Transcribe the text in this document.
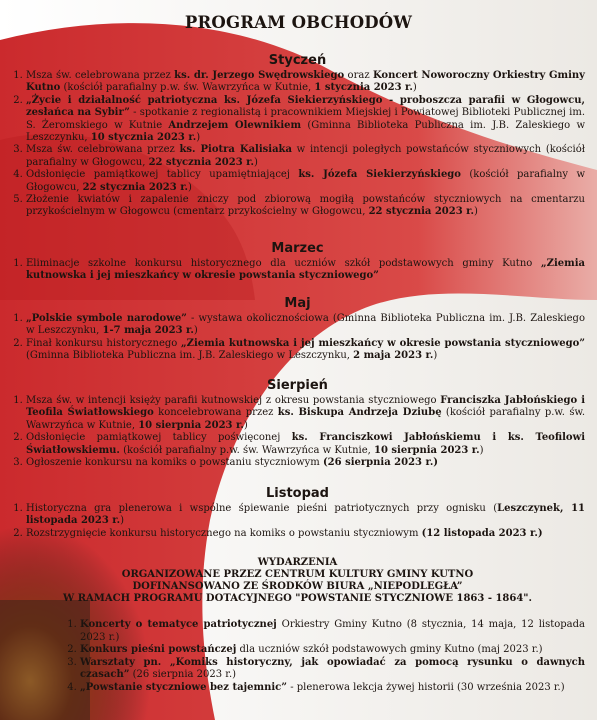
PROGRAM OBCHODÓW
Styczeń
1. Msza św. celebrowana przez ks. dr. Jerzego Swędrowskiego oraz Koncert Noworoczny Orkiestry Gminy Kutno (kościół parafialny p.w. św. Wawrzyńca w Kutnie, 1 stycznia 2023 r.)
2. „Życie i działalność patriotyczna ks. Józefa Siekierzyńskiego - proboszcza parafii w Głogowcu, zesłańca na Sybir” - spotkanie z regionalistą i pracownikiem Miejskiej i Powiatowej Biblioteki Publicznej im. S. Żeromskiego w Kutnie Andrzejem Olewnikiem (Gminna Biblioteka Publiczna im. J.B. Zaleskiego w Leszczynku, 10 stycznia 2023 r.)
3. Msza św. celebrowana przez ks. Piotra Kalisiaka w intencji poległych powstańców styczniowych (kościół parafialny w Głogowcu, 22 stycznia 2023 r.)
4. Odsłonięcie pamiątkowej tablicy upamiętniającej ks. Józefa Siekierzyńskiego (kościół parafialny w Głogowcu, 22 stycznia 2023 r.)
5. Złożenie kwiatów i zapalenie zniczy pod zbiorową mogiłą powstańców styczniowych na cmentarzu przykościelnym w Głogowcu (cmentarz przykościelny w Głogowcu, 22 stycznia 2023 r.)
Marzec
1. Eliminacje szkolne konkursu historycznego dla uczniów szkół podstawowych gminy Kutno „Ziemia kutnowska i jej mieszkańcy w okresie powstania styczniowego”
Maj
1. „Polskie symbole narodowe” - wystawa okolicznościowa (Gminna Biblioteka Publiczna im. J.B. Zaleskiego w Leszczynku, 1-7 maja 2023 r.)
2. Finał konkursu historycznego „Ziemia kutnowska i jej mieszkańcy w okresie powstania styczniowego” (Gminna Biblioteka Publiczna im. J.B. Zaleskiego w Leszczynku, 2 maja 2023 r.)
Sierpień
1. Msza św. w intencji księży parafii kutnowskiej z okresu powstania styczniowego Franciszka Jabłońskiego i Teofila Światłowskiego koncelebrowana przez ks. Biskupa Andrzeja Dziubę (kościół parafialny p.w. św. Wawrzyńca w Kutnie, 10 sierpnia 2023 r.)
2. Odsłonięcie pamiątkowej tablicy poświęconej ks. Franciszkowi Jabłońskiemu i ks. Teofilowi Światłowskiemu. (kościół parafialny p.w. św. Wawrzyńca w Kutnie, 10 sierpnia 2023 r.)
3. Ogłoszenie konkursu na komiks o powstaniu styczniowym (26 sierpnia 2023 r.)
Listopad
1. Historyczna gra plenerowa i wspólne śpiewanie pieśni patriotycznych przy ognisku (Leszczynek, 11 listopada 2023 r.)
2. Rozstrzygnięcie konkursu historycznego na komiks o powstaniu styczniowym (12 listopada 2023 r.)
WYDARZENIA
ORGANIZOWANE PRZEZ CENTRUM KULTURY GMINY KUTNO
DOFINANSOWANO ZE ŚRODKÓW BIURA „NIEPODLEGŁA”
W RAMACH PROGRAMU DOTACYJNEGO "POWSTANIE STYCZNIOWE 1863 - 1864".
1. Koncerty o tematyce patriotycznej Orkiestry Gminy Kutno (8 stycznia, 14 maja, 12 listopada 2023 r.)
2. Konkurs pieśni powstańczej dla uczniów szkół podstawowych gminy Kutno (maj 2023 r.)
3. Warsztaty pn. „Komiks historyczny, jak opowiadać za pomocą rysunku o dawnych czasach” (26 sierpnia 2023 r.)
4. „Powstanie styczniowe bez tajemnic” - plenerowa lekcja żywej historii (30 września 2023 r.)
